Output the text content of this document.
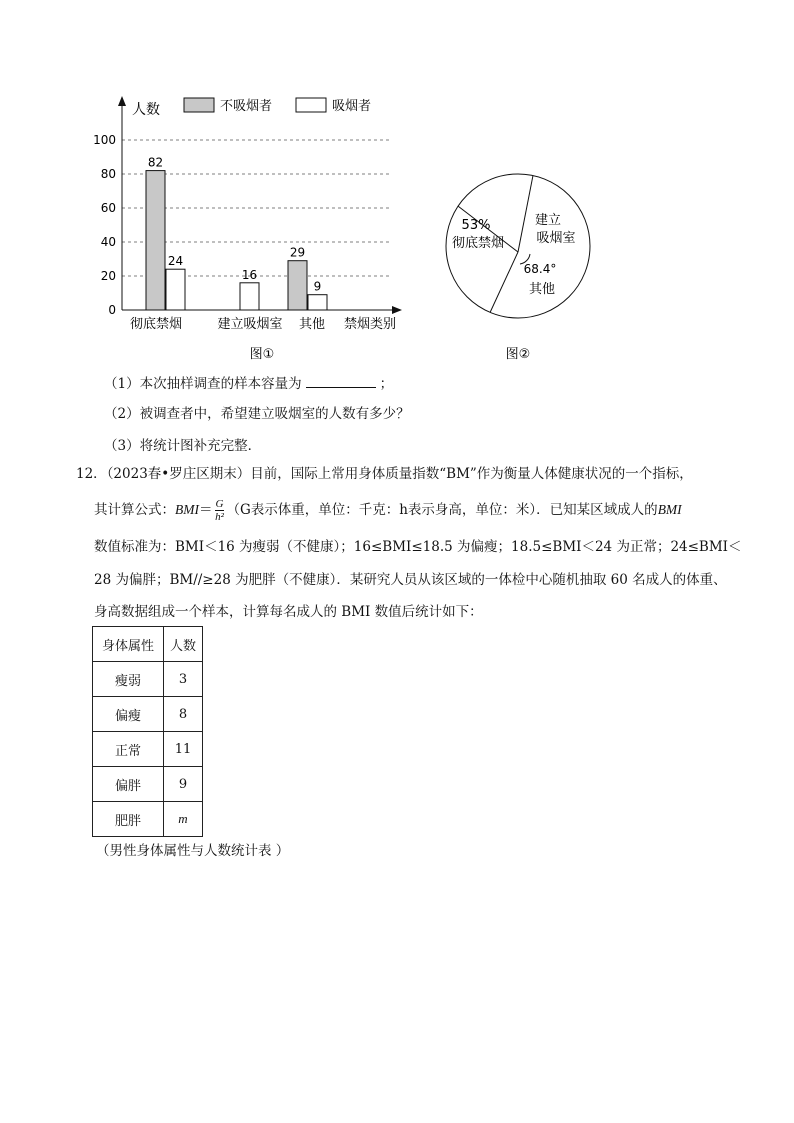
0
20
40
60
80
100
人数
禁烟类别
不吸烟者	吸烟者
82
24
彻底禁烟
16
建立吸烟室
29
9
其他
图①
53%
彻底禁烟
建立
吸烟室
68.4°
其他
图②
（1）本次抽样调查的样本容量为	；
（2）被调查者中，希望建立吸烟室的人数有多少？
（3）将统计图补充完整．
12．（2023春•罗庄区期末）目前，国际上常用身体质量指数“BM”作为衡量人体健康状况的一个指标，
其计算公式：$BMI= \frac{G}{\text{h²}} (G$表示体重，单位：千克：h表示身高，单位：米）．已知某区域成人的BMI
数值标准为：BMI＜16 为瘦弱（不健康）；16≤BMI≤18.5 为偏瘦；18.5≤BMI＜24 为正常；24≤BMI＜
28 为偏胖；BM//≥28 为肥胖（不健康）．某研究人员从该区域的一体检中心随机抽取 60 名成人的体重、
身高数据组成一个样本，计算每名成人的 BMI 数值后统计如下：
身体属性	人数
瘦弱	3
偏瘦	8
正常	11
偏胖	9
肥胖	m
（男性身体属性与人数统计表 ）
